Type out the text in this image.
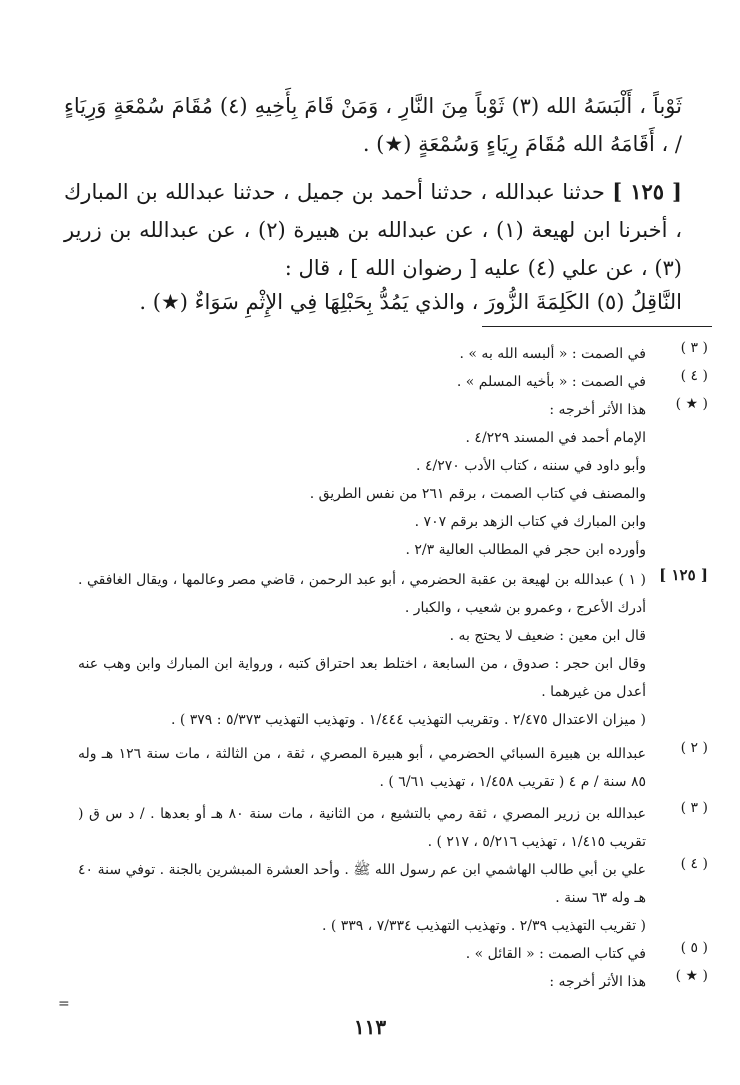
ثَوْباً ، أَلْبَسَهُ الله (٣) ثَوْباً مِنَ النَّارِ ، وَمَنْ قَامَ بِأَخِيهِ (٤) مُقَامَ سُمْعَةٍ وَرِيَاءٍ / ، أَقَامَهُ الله مُقَامَ رِيَاءٍ وَسُمْعَةٍ (★) .

[ ١٢٥ ] حدثنا عبدالله ، حدثنا أحمد بن جميل ، حدثنا عبدالله بن المبارك ، أخبرنا ابن لهيعة (١) ، عن عبدالله بن هبيرة (٢) ، عن عبدالله بن زرير (٣) ، عن علي (٤) عليه [ رضوان الله ] ، قال :

النَّاقِلُ (٥) الكَلِمَةَ الزُّورَ ، والذي يَمُدُّ بِحَبْلِهَا فِي الإِثْمِ سَوَاءٌ (★) .

( ٣ )

في الصمت : « ألبسه الله به » .

( ٤ )

في الصمت : « بأخيه المسلم » .

( ★ )

هذا الأثر أخرجه :

الإمام أحمد في المسند ٤/٢٢٩ .

وأبو داود في سننه ، كتاب الأدب ٤/٢٧٠ .

والمصنف في كتاب الصمت ، برقم ٢٦١ من نفس الطريق .

وابن المبارك في كتاب الزهد برقم ٧٠٧ .

وأورده ابن حجر في المطالب العالية ٢/٣ .

[ ١٢٥ ]

( ١ ) عبدالله بن لهيعة بن عقبة الحضرمي ، أبو عبد الرحمن ، قاضي مصر وعالمها ، ويقال الغافقي . أدرك الأعرج ، وعمرو بن شعيب ، والكبار .

قال ابن معين : ضعيف لا يحتج به .

وقال ابن حجر : صدوق ، من السابعة ، اختلط بعد احتراق كتبه ، ورواية ابن المبارك وابن وهب عنه أعدل من غيرهما .

( ميزان الاعتدال ٢/٤٧٥ . وتقريب التهذيب ١/٤٤٤ . وتهذيب التهذيب ٥/٣٧٣ : ٣٧٩ ) .

( ٢ )

عبدالله بن هبيرة السبائي الحضرمي ، أبو هبيرة المصري ، ثقة ، من الثالثة ، مات سنة ١٢٦ هـ وله ٨٥ سنة / م ٤ ( تقريب ١/٤٥٨ ، تهذيب ٦/٦١ ) .

( ٣ )

عبدالله بن زرير المصري ، ثقة رمي بالتشيع ، من الثانية ، مات سنة ٨٠ هـ أو بعدها . / د س ق ( تقريب ١/٤١٥ ، تهذيب ٥/٢١٦ ، ٢١٧ ) .

( ٤ )

علي بن أبي طالب الهاشمي ابن عم رسول الله ﷺ . وأحد العشرة المبشرين بالجنة . توفي سنة ٤٠ هـ وله ٦٣ سنة .

( تقريب التهذيب ٢/٣٩ . وتهذيب التهذيب ٧/٣٣٤ ، ٣٣٩ ) .

( ٥ )

في كتاب الصمت : « القائل » .

( ★ )

هذا الأثر أخرجه :

=
١١٣
